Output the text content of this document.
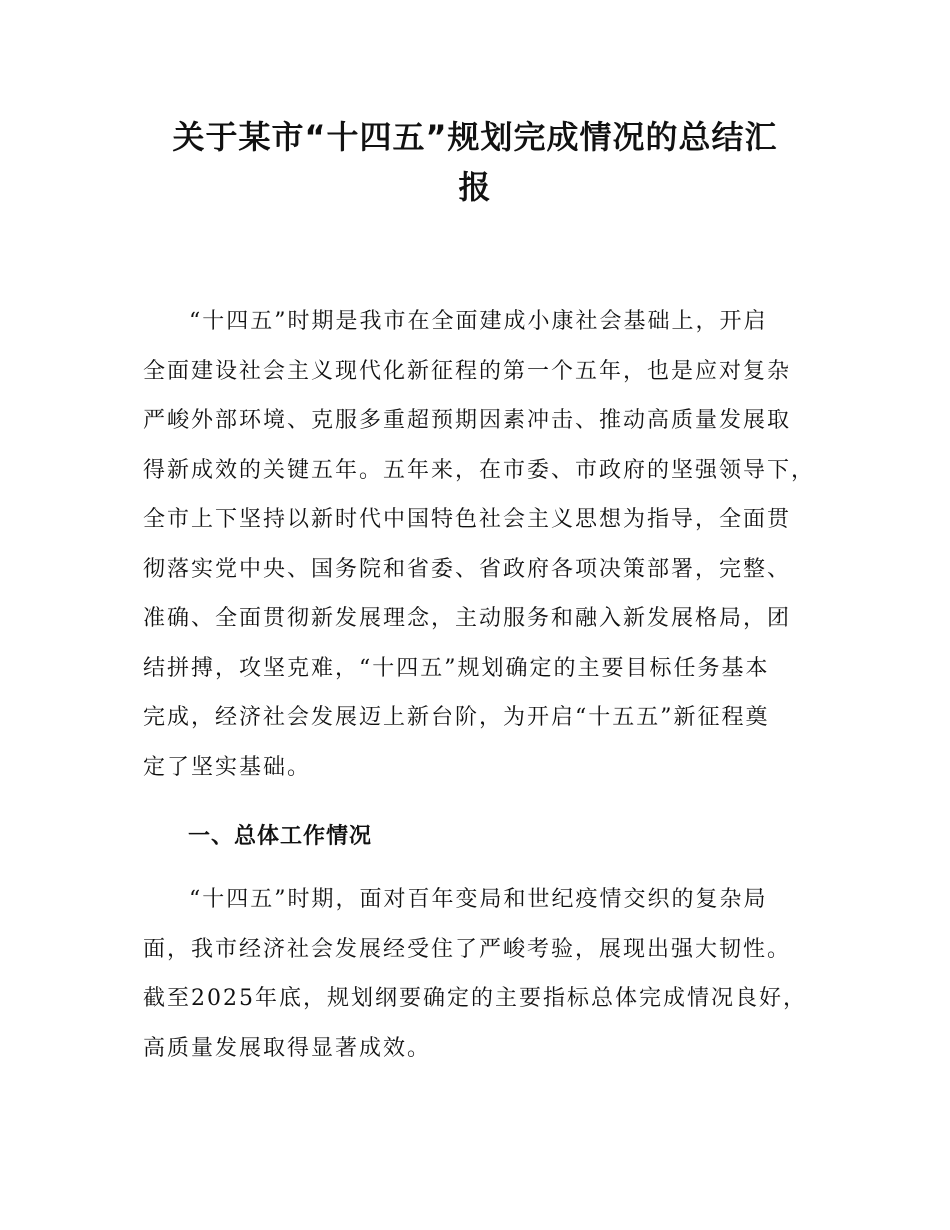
关于某市“十四五”规划完成情况的总结汇
报
“十四五”时期是我市在全面建成小康社会基础上，开启
全面建设社会主义现代化新征程的第一个五年，也是应对复杂
严峻外部环境、克服多重超预期因素冲击、推动高质量发展取
得新成效的关键五年。五年来，在市委、市政府的坚强领导下，
全市上下坚持以新时代中国特色社会主义思想为指导，全面贯
彻落实党中央、国务院和省委、省政府各项决策部署，完整、
准确、全面贯彻新发展理念，主动服务和融入新发展格局，团
结拼搏，攻坚克难，“十四五”规划确定的主要目标任务基本
完成，经济社会发展迈上新台阶，为开启“十五五”新征程奠
定了坚实基础。
一、总体工作情况
“十四五”时期，面对百年变局和世纪疫情交织的复杂局
面，我市经济社会发展经受住了严峻考验，展现出强大韧性。
截至2025年底，规划纲要确定的主要指标总体完成情况良好，
高质量发展取得显著成效。
